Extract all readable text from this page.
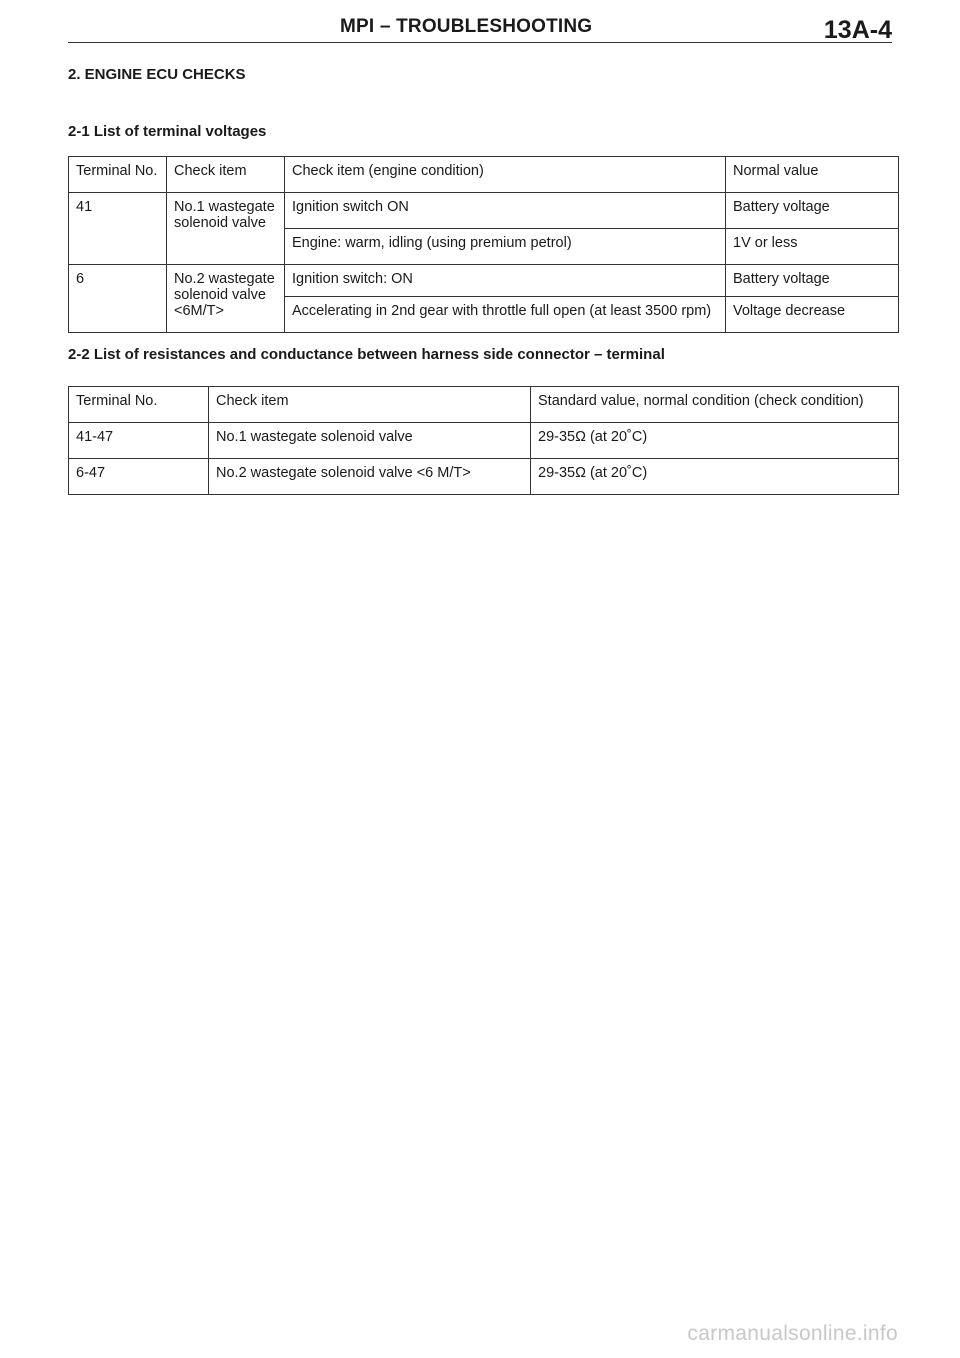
MPI – TROUBLESHOOTING	13A-4
2. ENGINE ECU CHECKS
2-1 List of terminal voltages
Terminal No.	Check item	Check item (engine condition)	Normal value
41	No.1 wastegate solenoid valve	Ignition switch ON	Battery voltage
		Engine: warm, idling (using premium petrol)	1V or less
6	No.2 wastegate
solenoid valve
<6M/T>	Ignition switch: ON	Battery voltage
		Accelerating in 2nd gear with throttle full open (at least 3500 rpm)	Voltage decrease
2-2 List of resistances and conductance between harness side connector – terminal
Terminal No.	Check item	Standard value, normal condition (check condition)
41-47	No.1 wastegate solenoid valve	29-35Ω (at 20˚C)
6-47	No.2 wastegate solenoid valve <6 M/T>	29-35Ω (at 20˚C)
carmanualsonline.info
